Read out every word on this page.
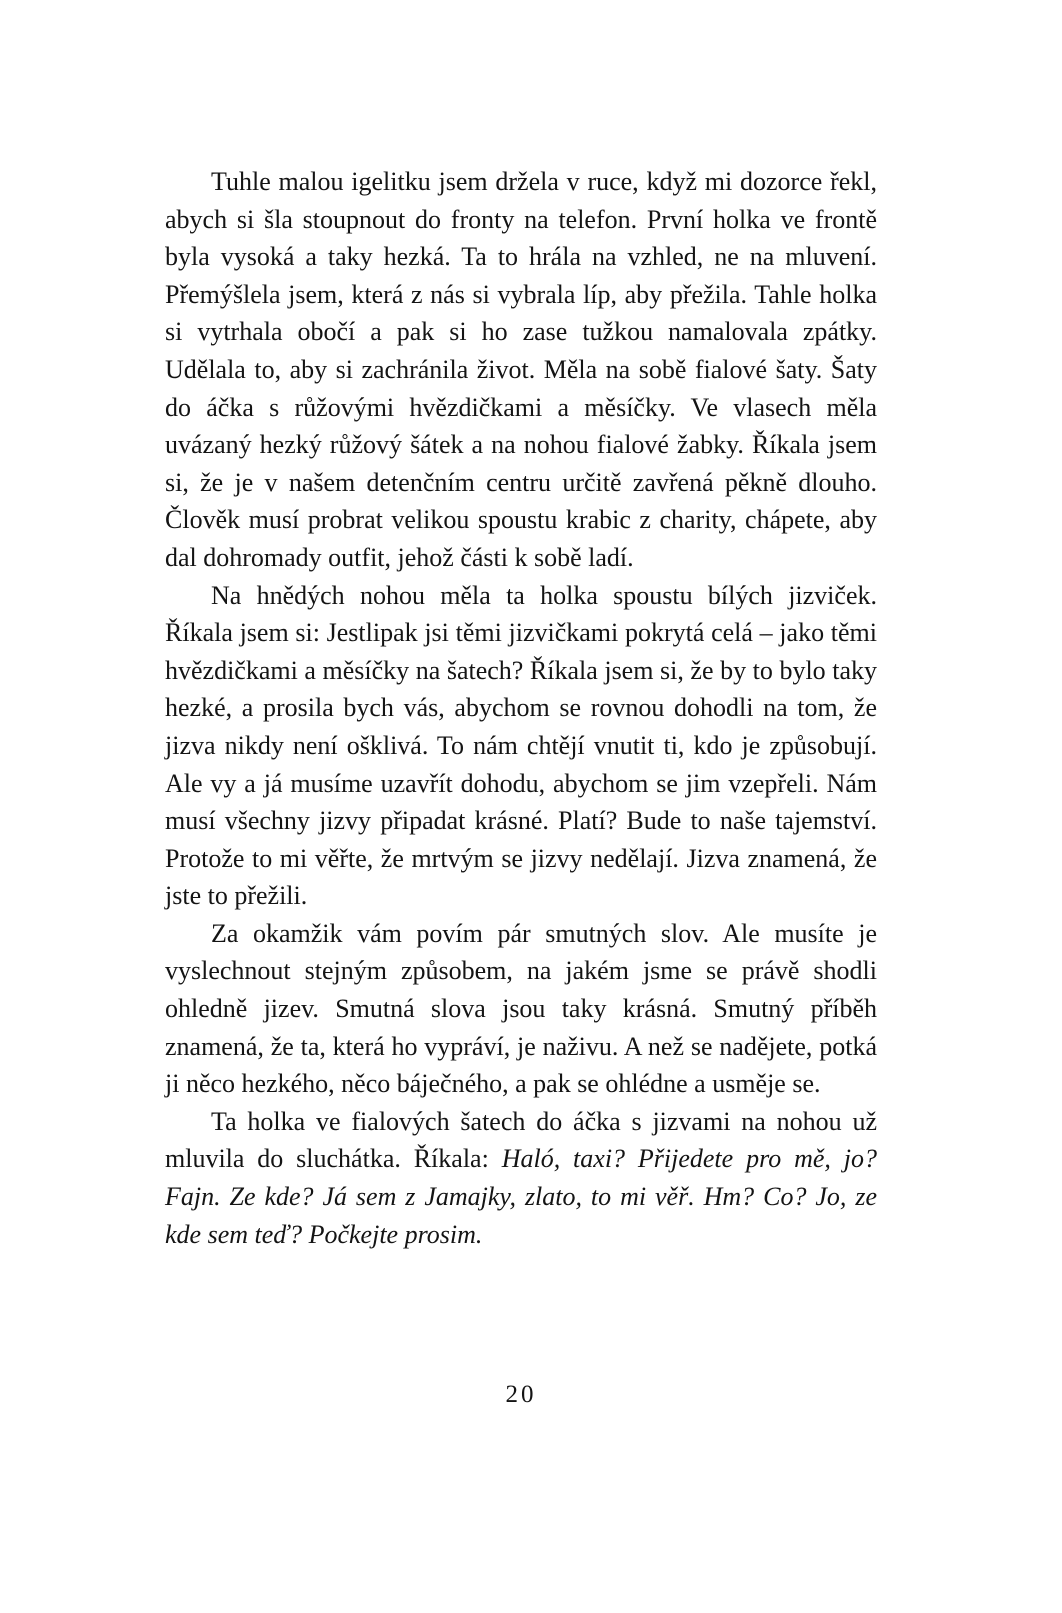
Tuhle malou igelitku jsem držela v ruce, když mi dozorce řekl, abych si šla stoupnout do fronty na telefon. První holka ve frontě byla vysoká a taky hezká. Ta to hrála na vzhled, ne na mluvení. Přemýšlela jsem, která z nás si vybrala líp, aby přežila. Tahle holka si vytrhala obočí a pak si ho zase tužkou namalovala zpátky. Udělala to, aby si zachránila život. Měla na sobě fialové šaty. Šaty do áčka s růžovými hvězdičkami a měsíčky. Ve vlasech měla uvázaný hezký růžový šátek a na nohou fialové žabky. Říkala jsem si, že je v našem detenčním centru určitě zavřená pěkně dlouho. Člověk musí probrat velikou spoustu krabic z charity, chápete, aby dal dohromady outfit, jehož části k sobě ladí.

Na hnědých nohou měla ta holka spoustu bílých jizviček. Říkala jsem si: Jestlipak jsi těmi jizvičkami pokrytá celá – jako těmi hvězdičkami a měsíčky na šatech? Říkala jsem si, že by to bylo taky hezké, a prosila bych vás, abychom se rovnou dohodli na tom, že jizva nikdy není ošklivá. To nám chtějí vnutit ti, kdo je způsobují. Ale vy a já musíme uzavřít dohodu, abychom se jim vzepřeli. Nám musí všechny jizvy připadat krásné. Platí? Bude to naše tajemství. Protože to mi věřte, že mrtvým se jizvy nedělají. Jizva znamená, že jste to přežili.

Za okamžik vám povím pár smutných slov. Ale musíte je vyslechnout stejným způsobem, na jakém jsme se právě shodli ohledně jizev. Smutná slova jsou taky krásná. Smutný příběh znamená, že ta, která ho vypráví, je naživu. A než se nadějete, potká ji něco hezkého, něco báječného, a pak se ohlédne a usměje se.

Ta holka ve fialových šatech do áčka s jizvami na nohou už mluvila do sluchátka. Říkala: Haló, taxi? Přijedete pro mě, jo? Fajn. Ze kde? Já sem z Jamajky, zlato, to mi věř. Hm? Co? Jo, ze kde sem teď? Počkejte prosim.

20
